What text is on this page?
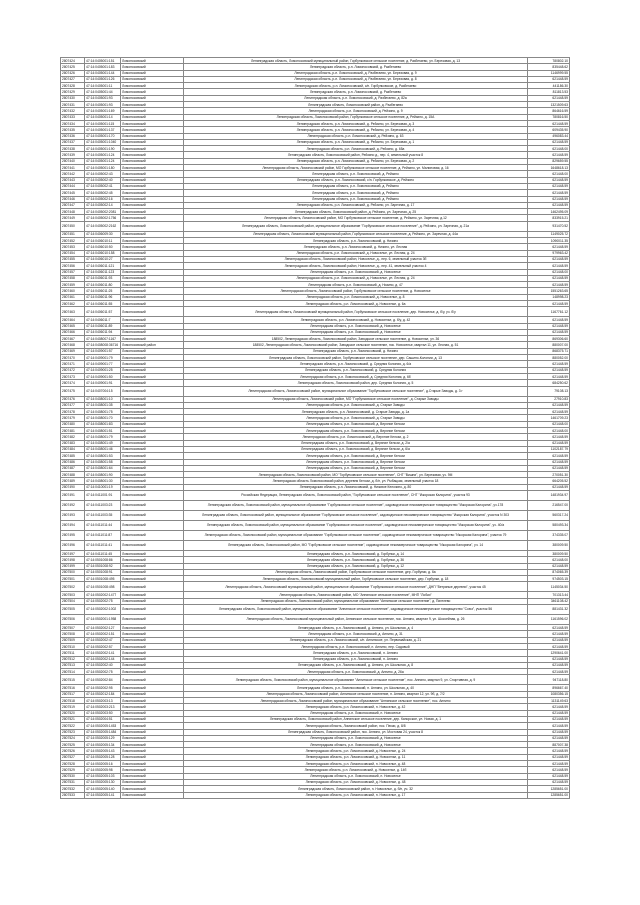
2807424	47:14:0405001:151	Ломоносовский	Ленинградская область, Ломоносовский муниципальный район, Горбунковское сельское поселение, д. Разбегаево, ул. Березовая, д. 13	780802.10
2807425	47:14:0405001:183	Ломоносовский	Ленинградская область, р-н. Ломоносовский, д. Разбегаево	835448.62
2807426	47:14:0405001:144	Ломоносовский	Ленинградская область, р-н. Ломоносовский, д. Разбегаево, ул. Березовая, д. 9	1146999.55
2807427	47:14:0405001:126	Ломоносовский	Ленинградская область, р-н. Ломоносовский, д. Разбегаево, ул. Березовая, д. 8	621448.59
2807428	47:14:0405001:11	Ломоносовский	Ленинградская область, р-н. Ломоносовский, с/п. Горбунковское, д. Разбегаево	441186.30
2807429	47:14:0405001:44	Ломоносовский	Ленинградская область, р-н. Ломоносовский, д. Разбегаево	811813.53
2807430	47:14:0405001:93	Ломоносовский	Ленинградская область, р-н. Ломоносовский, д. Разбегаево, д. 82а	621448.59
2807431	47:14:0405001:93	Ломоносовский	Ленинградская область, Ломоносовский район, д. Разбегаево	1321509.63
2807432	47:14:0405001:169	Ломоносовский	Ленинградская область, р-н. Ломоносовский, д. Рейзино, д. 9	864616.59
2807433	47:14:0405001:14	Ломоносовский	Ленинградская область, Ломоносовский район, Горбунковское сельское поселение, д. Рейзино, д. 15А	780816.50
2807434	47:14:0405001:115	Ломоносовский	Ленинградская область, р-н. Ломоносовский, д. Рейзино, ул. Березовая, д. 3	621448.59
2807435	47:14:0405001:137	Ломоносовский	Ленинградская область, р-н. Ломоносовский, д. Рейзино, ул. Березовая, д. 4	609435.90
2807436	47:14:0405001:170	Ломоносовский	Ленинградская область, р-н. Ломоносовский, д. Рейзино, д. 63	496083.44
2807437	47:14:0405001:1040	Ломоносовский	Ленинградская область, р-н. Ломоносовский, д. Рейзино, ул. Березовая, д. 1	621448.59
2807438	47:14:0405001:190	Ломоносовский	Ленинградская область, р-н. Ломоносовский, д. Рейзино, д. 65а	621448.00
2807439	47:14:0405001:124	Ломоносовский	Ленинградская область, Ломоносовский район, Рейзино д., пер. 4, земельный участок 8	621448.59
2807440	47:14:0405001:124	Ломоносовский	Ленинградская область, р-н. Ломоносовский, д. Рейзино, ул. Березовая, д. 2	829659.55
2807441	47:14:0405001:180	Ломоносовский	Ленинградская область, Ломоносовский район, МО Горбунковское сельское поселение, д. Рейзино, ул. Малиновая, д. 16	1648618.13
2807442	47:14:0405002:43	Ломоносовский	Ленинградская область, р-н. Ломоносовский, д. Рейзино	621448.00
2807443	47:14:0405002:40	Ломоносовский	Ленинградская область, р-н. Ломоносовский, с/п. Горбунковское, д. Рейзино	621448.59
2807444	47:14:0405002:41	Ломоносовский	Ленинградская область, р-н. Ломоносовский, д. Рейзино	621448.59
2807445	47:14:0405002:45	Ломоносовский	Ленинградская область, р-н. Ломоносовский, д. Рейзино	621448.59
2807446	47:14:0405002:16	Ломоносовский	Ленинградская область, р-н. Ломоносовский, д. Рейзино	621448.59
2807447	47:14:0405002:14	Ломоносовский	Ленинградская область, р-н. Ломоносовский, д. Рейзино, ул. Заречная, д. 17	621448.59
2807448	47:14:0405002:2081	Ломоносовский	Ленинградская область, Ломоносовский район, д. Рейзино, ул. Заречная, д. 25	1462495.09
2807449	47:14:0405002:1756	Ломоносовский	Ленинградская область, Ломоносовский район, МО Горбунковское сельское поселение, д. Рейзино, ул. Заречная, д.12	833915.21
2807450	47:14:0405002:2162	Ломоносовский	Ленинградская область, Ломоносовский район, муниципальное образование "Горбунковское сельское поселение", д. Рейзино, ул. Заречная, д. 21а	931470.52
2807451	47:14:0406009:30	Ломоносовский	Ленинградская область, Ломоносовский муниципальный район, Горбунковское сельское поселение, д. Рейзино, ул. Заречная, д. 44а	1149025.72
2807452	47:14:0406010:11	Ломоносовский	Ленинградская область, р-н. Ломоносовский, д. Низино	1090011.35
2807453	47:14:0406010:50	Ломоносовский	Ленинградская область, р-н. Ломоносовский, д. Низино, ул. Лесная	621448.59
2807454	47:14:0406010:158	Ломоносовский	Ленинградская область, р-н. Ломоносовский, д. Новоселье, ул. Лесная, д. 24	979963.42
2807455	47:14:0406010:27	Ломоносовский	Ленинградская область, Ломоносовский район, Новоселье, д., пер. 6, земельный участок 3б	621448.59
2807456	47:14:0406011:121	Ломоносовский	Ленинградская область, Ломоносовский район, Новоселье, д., пер. 41, земельный участок 4	621448.59
2807457	47:14:0406011:123	Ломоносовский	Ленинградская область, р-н. Ломоносовский, д. Новоселье	621448.00
2807458	47:14:0406011:93	Ломоносовский	Ленинградская область, р-н. Ломоносовский, д. Новоселье, ул. Лесная, д. 24	621448.59
2807459	47:14:0406011:80	Ломоносовский	Ленинградская область, р-н. Ломоносовский, д. Низино, д. 47	621448.59
2807460	47:14:0406011:25	Ломоносовский	Ленинградская область, Ломоносовский район, Горбунковское сельское поселение, д. Новоселье	1551263.65
2807461	47:14:0406011:96	Ломоносовский	Ленинградская область, р-н. Ломоносовский, д. Новоселье, д. 8	148998.23
2807462	47:14:0406011:55	Ломоносовский	Ленинградская область, р-н. Ломоносовский, д. Новоселье, д. 6а	621448.59
2807463	47:14:0406011:57	Ломоносовский	Ленинградская область, Ломоносовский муниципальный район, Горбунковское сельское поселение, дер. Новоселье, д. б/у, уч. б/у	1167761.12
2807464	47:14:0406011:7	Ломоносовский	Ленинградская область, р-н. Ломоносовский, д. Новоселье, д. б/у, д. 42	621448.59
2807465	47:14:0406011:89	Ломоносовский	Ленинградская область, р-н. Ломоносовский, д. Новоселье	621448.59
2807466	47:14:0406011:94	Ломоносовский	Ленинградская область, р-н. Ломоносовский, д. Новоселье	621448.59
2807467	47:14:0408007:1167	Ломоносовский	188502, Ленинградская область, Ломоносовский район, Заводское сельское поселение, д. Новоселье, ул. 36	869306.60
2807468	47:14:0408008:36716	Ломоносовский район	188502, Ленинградская область, Ломоносовский район, Заводское сельское поселение, пос. Новоселье, квартал 11, ул. Лесная, д. 51	880007.00
2807469	47:14:0409001:57	Ломоносовский	Ленинградская область, р-н. Ломоносовский, д. Низино	868375.71
2807470	47:14:0409001:79	Ломоносовский	Ленинградская область, Ломоносовский район, Горбунковское сельское поселение, дер. Сашино-Колонии, д. 13	880052.00
2807471	47:14:0409001:77	Ломоносовский	Ленинградская область, р-н. Ломоносовский, д. Средняя Колония, д. 6/а	621448.59
2807472	47:14:0409001:25	Ломоносовский	Ленинградская область, р-н. Ломоносовский, д. Средняя Колония	621448.59
2807473	47:14:0409001:50	Ломоносовский	Ленинградская область, р-н. Ломоносовский, д. Средняя Колония, д. 6б	621448.59
2807474	47:14:0409001:91	Ломоносовский	Ленинградская область, Ломоносовский район, дер. Средняя Колония, д. 5	684250.62
2807475	47:14:0407004:15	Ломоносовский	Ленинградская область, Ломоносовский район, муниципальное образование "Горбунковское сельское поселение", д.Старые Заводы, д. 3 г	79108.13
2807476	47:14:0408001:10	Ломоносовский	Ленинградская область, Ломоносовский район, МО "Горбунковское сельское поселение", д. Старые Заводы	27910.83
2807477	47:14:0408001:35	Ломоносовский	Ленинградская область, р-н. Ломоносовский, д. Старые Заводы	621448.59
2807478	47:14:0408001:75	Ломоносовский	Ленинградская область, р-н. Ломоносовский, д. Старые Заводы, д. 1а	621448.59
2807479	47:14:0408001:70	Ломоносовский	Ленинградская область, р-н. Ломоносовский, д. Старые Заводы	1461709.23
2807480	47:14:0408001:83	Ломоносовский	Ленинградская область, р-н. Ломоносовский, д. Верхние Келози	621448.00
2807481	47:14:0408001:51	Ломоносовский	Ленинградская область, р-н. Ломоносовский, д. Верхние Келози	621448.00
2807482	47:14:0408001:79	Ломоносовский	Ленинградская область, р-н. Ломоносовский, д. Верхние Келози, д. 2	621448.59
2807483	47:14:0408001:49	Ломоносовский	Ленинградская область, р-н. Ломоносовский, д. Верхние Келози, д. 2/а	621448.59
2807484	47:14:0408001:46	Ломоносовский	Ленинградская область, р-н. Ломоносовский, д. Верхние Келози, д. 6/а	1102187.79
2807485	47:14:0408001:53	Ломоносовский	Ленинградская область, р-н. Ломоносовский, д. Верхние Келози	621448.59
2807486	47:14:0408001:58	Ломоносовский	Ленинградская область, р-н. Ломоносовский, д. Верхние Келози	621448.59
2807487	47:14:0408001:64	Ломоносовский	Ленинградская область, р-н. Ломоносовский, д. Верхние Келози	621448.59
2807488	47:14:0408001:90	Ломоносовский	Ленинградская область, Ломоносовский район, МО "Горбунковское сельское поселение", СНТ "Вишни", ул. Березовая, уч. 9М	270051.30
2807489	47:14:0408001:30	Ломоносовский	Ленинградская область Ломоносовский район, деревня Келози, д. б/н, ул. Рыбацкая, земельный участок 18	664205.52
2807490	47:14:0410001:19	Ломоносовский	Ленинградская область, р-н. Ломоносовский, д. Низовое Келозино, д. 80	621448.59
2807491	47:14:0411001:91	Ломоносовский	Российская Федерация, Ленинградская область, Ломоносовский район, "Горбунковское сельское поселение", СНТ "Ижорская Калорина", участок 93	1481934.97
2807492	47:14:0411003:23	Ломоносовский	Ленинградская область, Ломоносовский район, муниципальное образование "Горбунковское сельское поселение", садоводческое некоммерческое товарищество "Ижорская Калорина", уч.178	216547.00
2807493	47:14:0411003:35	Ломоносовский	Ленинградская область, Ломоносовский район, муниципальное образование "Горбунковское сельское поселение", садоводческое некоммерческое товарищество "Ижорская Калорина", участок N 303	560317.24
2807494	47:14:0411011:44	Ломоносовский	Ленинградская область, Ломоносовский район, муниципальное образование "Горбунковское сельское поселение", садоводческое некоммерческое товарищество "Ижорская Калорина", уч. 40/а	580493.34
2807495	47:14:0411011:87	Ломоносовский	Ленинградская область, Ломоносовский район, муниципальное образование "Горбунковское сельское поселение", садоводческое некоммерческое товарищество "Ижорская Калорина", участок 79	374335.07
2807496	47:14:0411011:41	Ломоносовский	Ленинградская область, Ломоносовский район, МО "Горбунковское сельское поселение", садоводческое некоммерческое товарищество "Ижорская Калорина", уч. 14	380009.50
2807497	47:14:0411011:45	Ломоносовский	Ленинградская область, р-н. Ломоносовский, д. Горбунки, д. 14	380009.50
2807498	47:14:0501008:86	Ломоносовский	Ленинградская область, р-н. Ломоносовский, д. Горбунки, д. 36	621448.00
2807499	47:14:0501008:92	Ломоносовский	Ленинградская область, р-н. Ломоносовский, д. Горбунки, д. 12	621448.59
2807500	47:14:0501008:91	Ломоносовский	Ленинградская область, Ломоносовский район, Горбунковское сельское поселение, дер. Горбунки, д. 6а	874065.39
2807501	47:14:0501008:495	Ломоносовский	Ленинградская область, Ломоносовский муниципальный район, Горбунковское сельское поселение, дер. Горбунки, д. 18	974503.15
2807502	47:14:0501008:498	Ломоносовский	Ленинградская область, Ломоносовский муниципальный район, муниципальное образование "Горбунковское сельское поселение", ДНП "Ветряные деревни", участок 45	1145034.50
2807503	47:14:0502002:1477	Ломоносовский	Ленинградская область, Ломоносовский район, МО "Аннинское сельское поселение", МНП "Лобки"	701313.44
2807504	47:14:0502002:75	Ломоносовский	Ленинградская область, Ломоносовский район, муниципальное образование "Аннинское сельское поселение", д. Пигелево	3461108.42
2807505	47:14:0502002:1002	Ломоносовский	Ленинградская область, Ломоносовский район, муниципальное образование "Аннинское сельское поселение", садоводческое некоммерческое товарищество "Союз", участок 56	881431.32
2807506	47:14:0502001:1958	Ломоносовский	Ленинградская область, Ломоносовский муниципальный район, Аннинское сельское поселение, пос. Аннино, квартал 9, ул. Шоссейная, д. 26	1161596.02
2807507	47:14:0502002:127	Ломоносовский	Ленинградская область, р-н. Ломоносовский, д. Аннино, ул. Школьная, д. 4	621448.59
2807508	47:14:0502002:151	Ломоносовский	Ленинградская область, р-н. Ломоносовский, д. Аннино, д. 31	621448.59
2807509	47:14:0502002:47	Ломоносовский	Ленинградская область, р-н. Ломоносовский, с/п. Аннинское, ул. Первомайская, д. 21	621448.59
2807510	47:14:0502002:57	Ломоносовский	Ленинградская область, р-н. Ломоносовский, п. Аннино, пер. Садовый	621448.59
2807511	47:14:0502002:141	Ломоносовский	Ленинградская область, р-н. Ломоносовский, п. Аннино	1290641.00
2807512	47:14:0502002:144	Ломоносовский	Ленинградская область, р-н. Ломоносовский, п. Аннино	621448.59
2807513	47:14:0502002:40	Ломоносовский	Ленинградская область, р-н. Ломоносовский, д. Аннино, ул. Школьная, д. 8	621448.59
2807514	47:14:0502002:75	Ломоносовский	Ленинградская область, р-н. Ломоносовский, д. Аннино, д. 26а	621448.59
2807515	47:14:0502002:84	Ломоносовский	Ленинградская область, Ломоносовский район, муниципальное образование "Аннинское сельское поселение", пос. Аннино, квартал 9, ул. Спортивная, д. 9	947118.80
2807516	47:14:0502002:95	Ломоносовский	Ленинградская область, р-н. Ломоносовский, п. Аннино, ул. Школьная, д. 40	896667.40
2807517	47:14:0502012:184	Ломоносовский	Ленинградская область, Ломоносовский район, Аннинское сельское поселение, п. Аннино, квартал 12, ул. 9б, д. 7/2	1080356.15
2807518	47:14:0502003:13	Ломоносовский	Ленинградская область, Ломоносовский район, муниципальное образование "Аннинское сельское поселение", пос. Аннино	1131149.63
2807519	47:14:0502003:213	Ломоносовский	Ленинградская область, р-н. Ломоносовский, п. Новоселье, д. 42	621448.59
2807520	47:14:0502003:50	Ломоносовский	Ленинградская область, р-н. Ломоносовский, п. Новоселье	621448.59
2807521	47:14:0502004:51	Ломоносовский	Ленинградская область, Ломоносовский район, Аннинское сельское поселение, дер. Капорское, ул. Новая, д. 1	621448.59
2807522	47:14:0502005:1453	Ломоносовский	Ленинградская область, Ломоносовский район, пос. Пески, д. 8/8	621448.59
2807523	47:14:0502005:1484	Ломоносовский	Ленинградская область, Ломоносовский район, пос. Аннино, ул. Мостовая 24, участок 8	621448.59
2807524	47:14:0502005:129	Ломоносовский	Ленинградская область, р-н. Ломоносовский, д. Новоселье	621448.59
2807525	47:14:0502005:134	Ломоносовский	Ленинградская область, р-н. Ломоносовский, д. Новоселье	887007.38
2807526	47:14:0502005:143	Ломоносовский	Ленинградская область, р-н. Ломоносовский, д. Новоселье, д. 24	621448.59
2807527	47:14:0502005:128	Ломоносовский	Ленинградская область, р-н. Ломоносовский, д. Новоселье, д. 11	621448.59
2807528	47:14:0502005:16	Ломоносовский	Ленинградская область, р-н. Ломоносовский, п. Новоселье, д. 48	621448.59
2807529	47:14:0502005:98	Ломоносовский	Ленинградская область, р-н. Ломоносовский, д. Новоселье, д. 14б	621448.59
2807530	47:14:0502005:103	Ломоносовский	Ленинградская область, р-н. Ломоносовский, п. Новоселье	621448.59
2807531	47:14:0502005:130	Ломоносовский	Ленинградская область, р-н. Ломоносовский, д. Новоселье, д. 48	621448.59
2807532	47:14:0502005:140	Ломоносовский	Ленинградская область, Ломоносовский район, п. Новоселье, д. б/н, уч. 32	1285651.00
2807533	47:14:0502005:141	Ломоносовский	Ленинградская область, р-н. Ломоносовский, п. Новоселье, д. 17	1285651.00
